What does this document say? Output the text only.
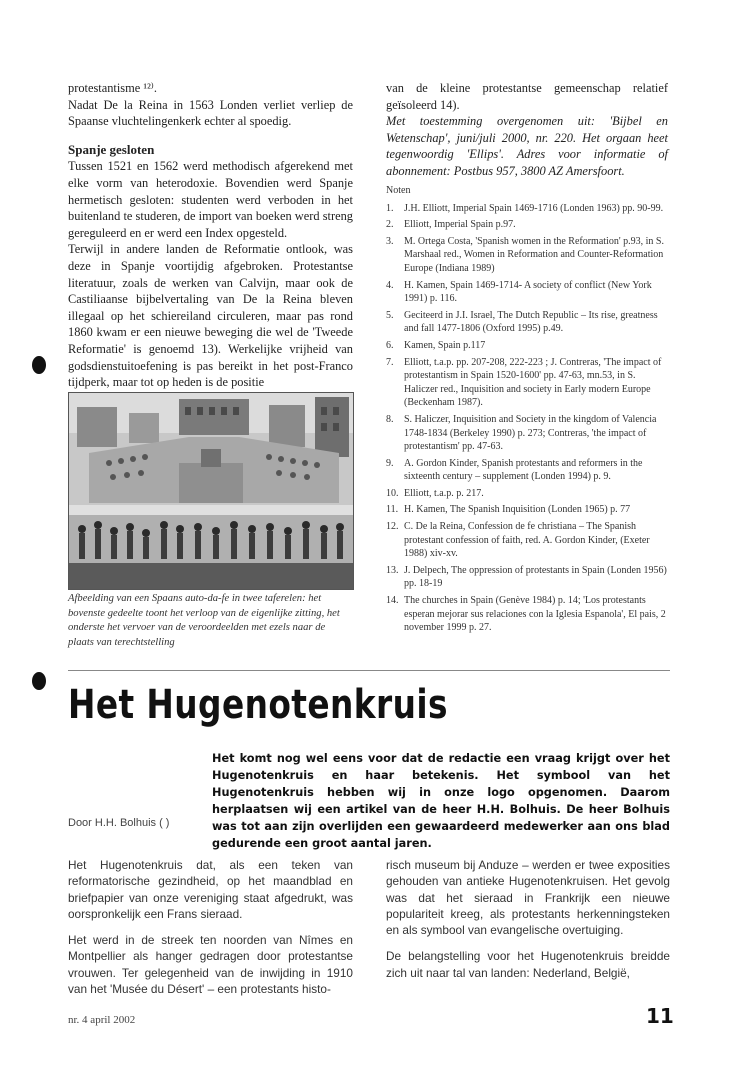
protestantisme ¹²⁾.

Nadat De la Reina in 1563 Londen verliet verliep de Spaanse vluchtelingenkerk echter al spoedig.

Spanje gesloten

Tussen 1521 en 1562 werd methodisch afgerekend met elke vorm van heterodoxie. Bovendien werd Spanje hermetisch gesloten: studenten werd verboden in het buitenland te studeren, de import van boeken werd streng gereguleerd en er werd een Index opgesteld.

Terwijl in andere landen de Reformatie ontlook, was deze in Spanje voortijdig afgebroken. Protestantse literatuur, zoals de werken van Calvijn, maar ook de Castiliaanse bijbelvertaling van De la Reina bleven illegaal op het schiereiland circuleren, maar pas rond 1860 kwam er een nieuwe beweging die wel de 'Tweede Reformatie' is genoemd 13). Werkelijke vrijheid van godsdienstuitoefening is pas bereikt in het post-Franco tijdperk, maar tot op heden is de positie

Afbeelding van een Spaans auto-da-fe in twee taferelen: het bovenste gedeelte toont het verloop van de eigenlijke zitting, het onderste het vervoer van de veroordeelden met ezels naar de plaats van terechtstelling

van de kleine protestantse gemeenschap relatief geïsoleerd 14).

Met toestemming overgenomen uit: 'Bijbel en Wetenschap', juni/juli 2000, nr. 220. Het orgaan heet tegenwoordig 'Ellips'. Adres voor informatie of abonnement: Postbus 957, 3800 AZ Amersfoort.

Noten
1.	J.H. Elliott, Imperial Spain 1469-1716 (Londen 1963) pp. 90-99.
2.	Elliott, Imperial Spain p.97.
3.	M. Ortega Costa, 'Spanish women in the Reformation' p.93, in S. Marshaal red., Women in Reformation and Counter-Reformation Europe (Indiana 1989)
4.	H. Kamen, Spain 1469-1714- A society of conflict (New York 1991) p. 116.
5.	Geciteerd in J.I. Israel, The Dutch Republic – Its rise, greatness and fall 1477-1806 (Oxford 1995) p.49.
6.	Kamen, Spain p.117
7.	Elliott, t.a.p. pp. 207-208, 222-223 ; J. Contreras, 'The impact of protestantism in Spain 1520-1600' pp. 47-63, mn.53, in S. Haliczer red., Inquisition and society in Early modern Europe (Beckenham 1987).
8.	S. Haliczer, Inquisition and Society in the kingdom of Valencia 1748-1834 (Berkeley 1990) p. 273; Contreras, 'the impact of protestantism' pp. 47-63.
9.	A. Gordon Kinder, Spanish protestants and reformers in the sixteenth century – supplement (Londen 1994) p. 9.
10. Elliott, t.a.p. p. 217.
11. H. Kamen, The Spanish Inquisition (Londen 1965) p. 77
12. C. De la Reina, Confession de fe christiana – The Spanish protestant confession of faith, red. A. Gordon Kinder, (Exeter 1988) xiv-xv.
13. J. Delpech, The oppression of protestants in Spain (Londen 1956) pp. 18-19
14. The churches in Spain (Genève 1984) p. 14; 'Los protestants esperan mejorar sus relaciones con la Iglesia Espanola', El pais, 2 november 1999 p. 27.
Het Hugenotenkruis
Het komt nog wel eens voor dat de redactie een vraag krijgt over het Hugenotenkruis en haar betekenis. Het symbool van het Hugenotenkruis hebben wij in onze logo opgenomen. Daarom herplaatsen wij een artikel van de heer H.H. Bolhuis. De heer Bolhuis was tot aan zijn overlijden een gewaardeerd medewerker aan ons blad gedurende een groot aantal jaren.
Door H.H. Bolhuis ( )

Het Hugenotenkruis dat, als een teken van reformatorische gezindheid, op het maandblad en briefpapier van onze vereniging staat afgedrukt, was oorspronkelijk een Frans sieraad.

Het werd in de streek ten noorden van Nîmes en Montpellier als hanger gedragen door protestantse vrouwen. Ter gelegenheid van de inwijding in 1910 van het 'Musée du Désert' – een protestants histo-

risch museum bij Anduze – werden er twee exposities gehouden van antieke Hugenotenkruisen. Het gevolg was dat het sieraad in Frankrijk een nieuwe populariteit kreeg, als protestants herkenningsteken en als symbool van evangelische overtuiging.

De belangstelling voor het Hugenotenkruis breidde zich uit naar tal van landen: Nederland, België,

nr. 4 april 2002	11
